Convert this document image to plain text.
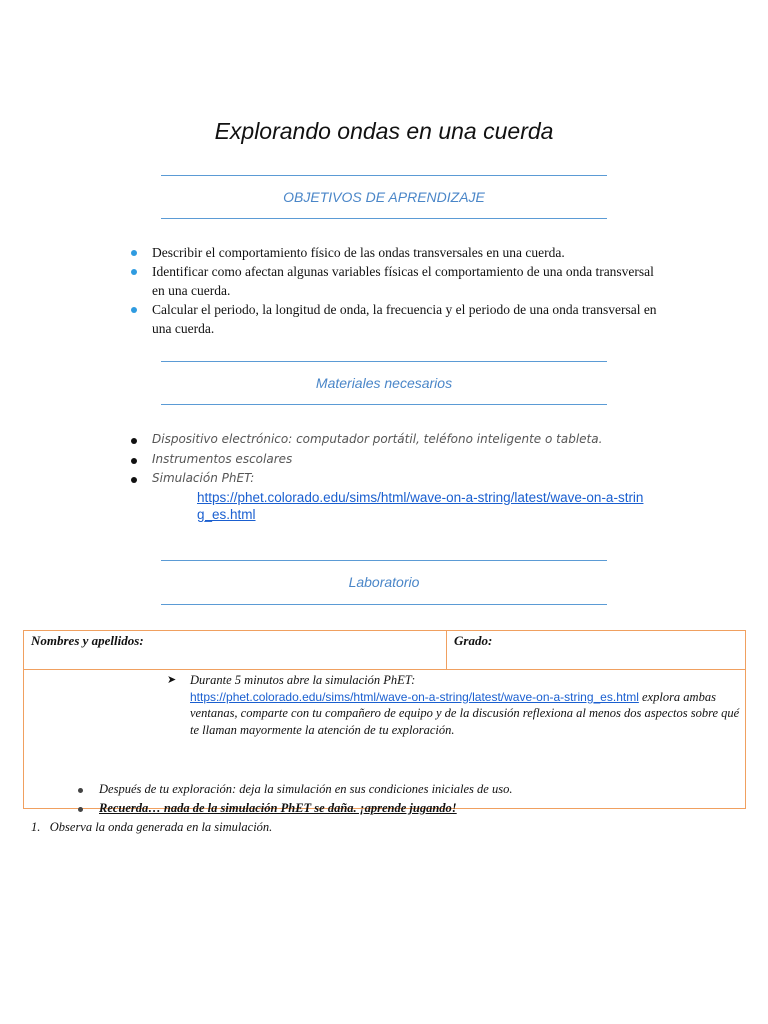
Explorando ondas en una cuerda
OBJETIVOS DE APRENDIZAJE
Describir el comportamiento físico de las ondas transversales en una cuerda.
Identificar como afectan algunas variables físicas el comportamiento de una onda transversal en una cuerda.
Calcular el periodo, la longitud de onda, la frecuencia y el periodo de una onda transversal en una cuerda.
Materiales necesarios
Dispositivo electrónico: computador portátil, teléfono inteligente o tableta.
Instrumentos escolares
Simulación PhET:
https://phet.colorado.edu/sims/html/wave-on-a-string/latest/wave-on-a-string_es.html
Laboratorio
Nombres y apellidos:	Grado:

➤ Durante 5 minutos abre la simulación PhET:
https://phet.colorado.edu/sims/html/wave-on-a-string/latest/wave-on-a-string_es.html explora ambas ventanas, comparte con tu compañero de equipo y de la discusión reflexiona al menos dos aspectos sobre qué te llaman mayormente la atención de tu exploración.
Después de tu exploración: deja la simulación en sus condiciones iniciales de uso.
Recuerda… nada de la simulación PhET se daña. ¡aprende jugando!
1. Observa la onda generada en la simulación.
